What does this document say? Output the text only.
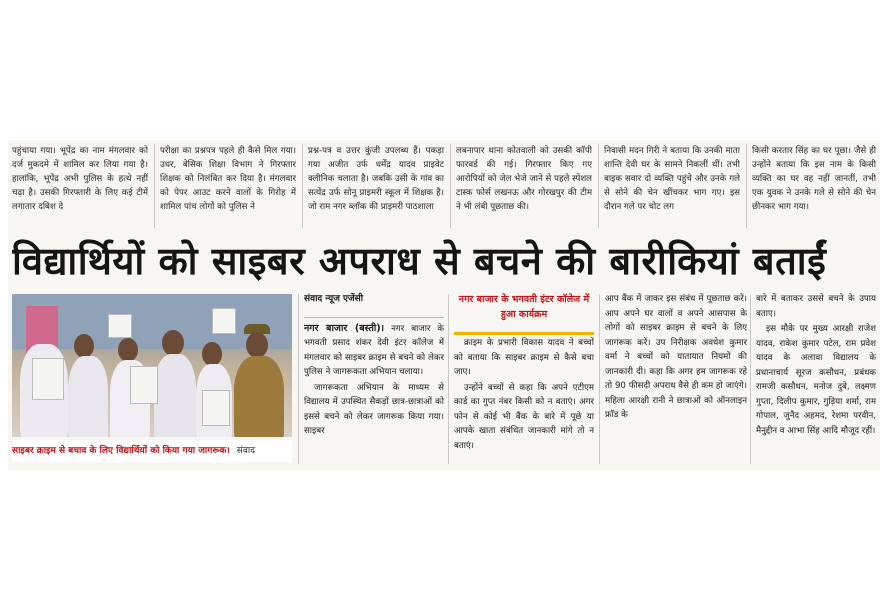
पहुंचाया गया। भूपेंद्र का नाम मंगलवार को दर्ज मुकदमे में शामिल कर लिया गया है। हालांकि, भूपेंद्र अभी पुलिस के हत्थे नहीं चढ़ा है। उसकी गिरफ्तारी के लिए कई टीमें लगातार दबिश दे

परीक्षा का प्रश्नपत्र पहले ही कैसे मिल गया। उधर, बेसिक शिक्षा विभाग ने गिरफ्तार शिक्षक को निलंबित कर दिया है। मंगलवार को पेपर आउट करने वालों के गिरोह में शामिल पांच लोगों को पुलिस ने

प्रश्न-पत्र व उत्तर कुंजी उपलब्ध हैं। पकड़ा गया अजीत उर्फ धर्मेंद्र यादव प्राइवेट क्लीनिक चलाता है। जबकि उसी के गांव का सत्येंद्र उर्फ सोनू प्राइमरी स्कूल में शिक्षक है। जो राम नगर ब्लॉक की प्राइमरी पाठशाला

लबनापार थाना कोतवाली को उसकी कॉपी फारवर्ड की गई। गिरफ्तार किए गए आरोपियों को जेल भेजे जाने से पहले स्पेशल टास्क फोर्स लखनऊ और गोरखपुर की टीम ने भी लंबी पूछताछ की।

निवासी मदन गिरी ने बताया कि उनकी माता शान्ति देवी घर के सामने निकलीं थीं। तभी बाइक सवार दो व्यक्ति पहुंचे और उनके गले से सोने की चेन खींचकर भाग गए। इस दौरान गले पर चोट लग

किसी करतार सिंह का घर पूछा। जैसे ही उन्होंने बताया कि इस नाम के किसी व्यक्ति का घर वह नहीं जानतीं, तभी एक युवक ने उनके गले से सोने की चेन छीनकर भाग गया।

विद्यार्थियों को साइबर अपराध से बचने की बारीकियां बताईं
साइबर क्राइम से बचाव के लिए विद्यार्थियों को किया गया जागरूक। संवाद
संवाद न्यूज एजेंसी

नगर बाजार (बस्ती)। नगर बाजार के भगवती प्रसाद शंकर देवी इंटर कॉलेज में मंगलवार को साइबर क्राइम से बचने को लेकर पुलिस ने जागरूकता अभियान चलाया।

जागरूकता अभियान के माध्यम से विद्यालय में उपस्थित सैकड़ों छात्र-छात्राओं को इससे बचने को लेकर जागरूक किया गया। साइबर

नगर बाजार के भगवती इंटर कॉलेज में हुआ कार्यक्रम

क्राइम के प्रभारी विकास यादव ने बच्चों को बताया कि साइबर क्राइम से कैसे बचा जाए।

उन्होंने बच्चों से कहा कि अपने एटीएम कार्ड का गुप्त नंबर किसी को न बताएं। अगर फोन से कोई भी बैंक के बारे में पूछे या आपके खाता संबंधित जानकारी मांगे तो न बताएं।

आप बैंक में जाकर इस संबंध में पूछताछ करें। आप अपने घर वालों व अपने आसपास के लोगों को साइबर क्राइम से बचने के लिए जागरूक करें। उप निरीक्षक अवधेश कुमार वर्मा ने बच्चों को यातायात नियमों की जानकारी दी। कहा कि अगर हम जागरूक रहे तो 90 फीसदी अपराध वैसे ही कम हो जाएंगे। महिला आरक्षी रानी ने छात्राओं को ऑनलाइन फ्रॉड के

बारे में बताकर उससे बचने के उपाय बताए।

इस मौके पर मुख्य आरक्षी राजेश यादव, राकेश कुमार पटेल, राम प्रवेश यादव के अलावा विद्यालय के प्रधानाचार्य सूरज कसौधन, प्रबंधक रामजी कसौधन, मनोज दुबे, लक्ष्मण गुप्ता, दिलीप कुमार, गुड़िया शर्मा, राम गोपाल, जुनैद अहमद, रेशमा परवीन, मैनुद्दीन व आभा सिंह आदि मौजूद रहीं।
